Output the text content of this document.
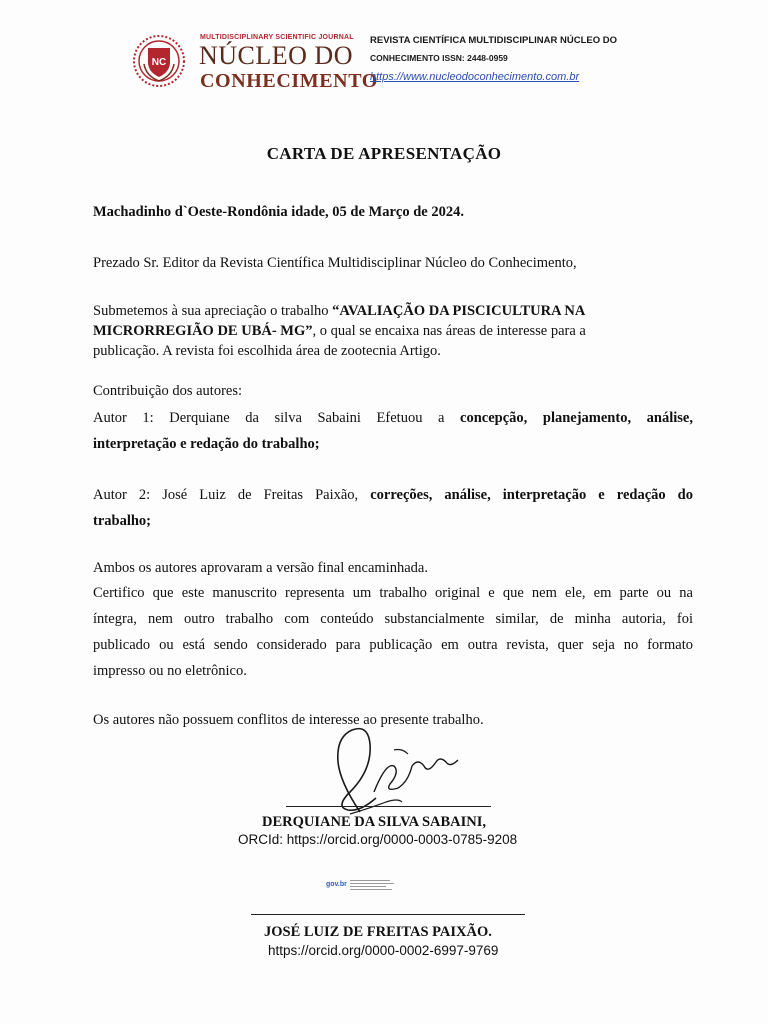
NC
MULTIDISCIPLINARY SCIENTIFIC JOURNAL
NÚCLEO DO
CONHECIMENTO
REVISTA CIENTÍFICA MULTIDISCIPLINAR NÚCLEO DO
CONHECIMENTO ISSN: 2448-0959
https://www.nucleodoconhecimento.com.br
CARTA DE APRESENTAÇÃO
Machadinho d`Oeste-Rondônia idade, 05 de Março de 2024.
Prezado Sr. Editor da Revista Científica Multidisciplinar Núcleo do Conhecimento,
Submetemos à sua apreciação o trabalho “AVALIAÇÃO DA PISCICULTURA NA
MICRORREGIÃO DE UBÁ- MG”, o qual se encaixa nas áreas de interesse para a
publicação. A revista foi escolhida área de zootecnia Artigo.
Contribuição dos autores:
Autor 1: Derquiane da silva Sabaini Efetuou a concepção, planejamento, análise,
interpretação e redação do trabalho;
Autor 2: José Luiz de Freitas Paixão, correções, análise, interpretação e redação do
trabalho;
Ambos os autores aprovaram a versão final encaminhada.
Certifico que este manuscrito representa um trabalho original e que nem ele, em parte ou na
íntegra, nem outro trabalho com conteúdo substancialmente similar, de minha autoria, foi
publicado ou está sendo considerado para publicação em outra revista, quer seja no formato
impresso ou no eletrônico.
Os autores não possuem conflitos de interesse ao presente trabalho.
DERQUIANE DA SILVA SABAINI,
ORCId: https://orcid.org/0000-0003-0785-9208
gov.br
JOSÉ LUIZ DE FREITAS PAIXÃO.
https://orcid.org/0000-0002-6997-9769
